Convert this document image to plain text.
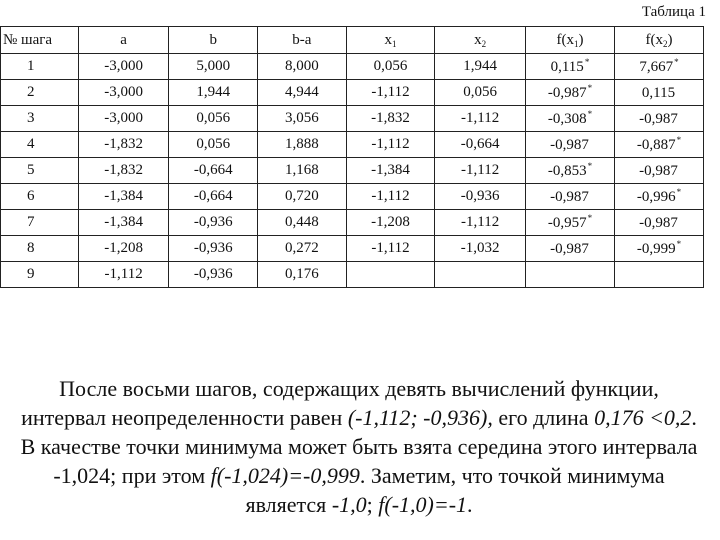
Таблица 1
№ шага	a	b	b-a	$x_1$	$x_2$	$f(x_1)$	$f(x_2)$
1	-3,000	5,000	8,000	0,056	1,944	0,115*	7,667*
2	-3,000	1,944	4,944	-1,112	0,056	-0,987*	0,115
3	-3,000	0,056	3,056	-1,832	-1,112	-0,308*	-0,987
4	-1,832	0,056	1,888	-1,112	-0,664	-0,987	-0,887*
5	-1,832	-0,664	1,168	-1,384	-1,112	-0,853*	-0,987
6	-1,384	-0,664	0,720	-1,112	-0,936	-0,987	-0,996*
7	-1,384	-0,936	0,448	-1,208	-1,112	-0,957*	-0,987
8	-1,208	-0,936	0,272	-1,112	-1,032	-0,987	-0,999*
9	-1,112	-0,936	0,176				

После восьми шагов, содержащих девять вычислений функции, интервал неопределенности равен (-1,112; -0,936), его длина 0,176 <0,2. В качестве точки минимума может быть взята середина этого интервала -1,024; при этом f(-1,024)=-0,999. Заметим, что точкой минимума является -1,0; f(-1,0)=-1.
